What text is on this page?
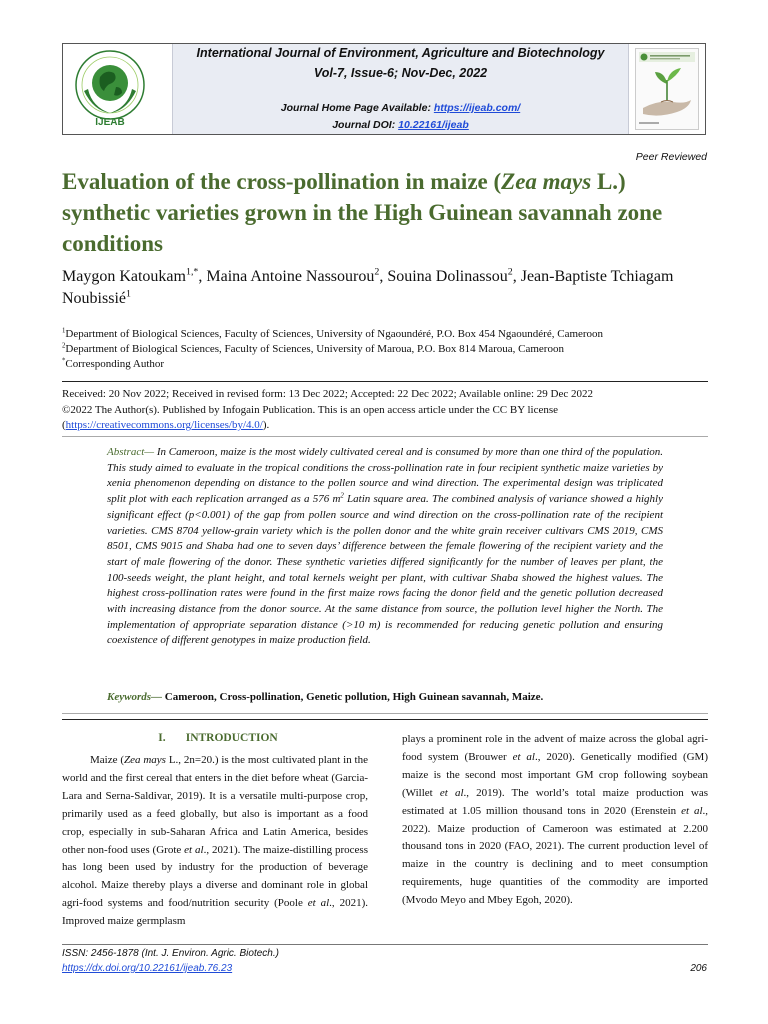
IJEAB
International Journal of Environment, Agriculture and Biotechnology
Vol-7, Issue-6; Nov-Dec, 2022
Journal Home Page Available: https://ijeab.com/
Journal DOI: 10.22161/ijeab
Peer Reviewed
Evaluation of the cross-pollination in maize (Zea mays L.) synthetic varieties grown in the High Guinean savannah zone conditions
Maygon Katoukam$^{1,*}$, Maina Antoine Nassourou$^2$, Souina Dolinassou$^2$, Jean-Baptiste Tchiagam Noubissié$^1$
$^1$Department of Biological Sciences, Faculty of Sciences, University of Ngaoundéré, P.O. Box 454 Ngaoundéré, Cameroon
$^2$Department of Biological Sciences, Faculty of Sciences, University of Maroua, P.O. Box 814 Maroua, Cameroon
*Corresponding Author
Received: 20 Nov 2022; Received in revised form: 13 Dec 2022; Accepted: 22 Dec 2022; Available online: 29 Dec 2022
©2022 The Author(s). Published by Infogain Publication. This is an open access article under the CC BY license
(https://creativecommons.org/licenses/by/4.0/).

Abstract— In Cameroon, maize is the most widely cultivated cereal and is consumed by more than one third of the population. This study aimed to evaluate in the tropical conditions the cross-pollination rate in four recipient synthetic maize varieties by xenia phenomenon depending on distance to the pollen source and wind direction. The experimental design was triplicated split plot with each replication arranged as a 576 $m^2$ Latin square area. The combined analysis of variance showed a highly significant effect (p<0.001) of the gap from pollen source and wind direction on the cross-pollination rate of the recipient varieties. CMS 8704 yellow-grain variety which is the pollen donor and the white grain receiver cultivars CMS 2019, CMS 8501, CMS 9015 and Shaba had one to seven days’ difference between the female flowering of the recipient variety and the start of male flowering of the donor. These synthetic varieties differed significantly for the number of leaves per plant, the 100-seeds weight, the plant height, and total kernels weight per plant, with cultivar Shaba showed the highest values. The highest cross-pollination rates were found in the first maize rows facing the donor field and the genetic pollution decreased with increasing distance from the donor source. At the same distance from source, the pollution level higher the North. The implementation of appropriate separation distance (>10 m) is recommended for reducing genetic pollution and ensuring coexistence of different genotypes in maize production field.

Keywords— Cameroon, Cross-pollination, Genetic pollution, High Guinean savannah, Maize.
I.       INTRODUCTION

Maize (Zea mays L., 2n=20.) is the most cultivated plant in the world and the first cereal that enters in the diet before wheat (Garcia-Lara and Serna-Saldivar, 2019). It is a versatile multi-purpose crop, primarily used as a feed globally, but also is important as a food crop, especially in sub-Saharan Africa and Latin America, besides other non-food uses (Grote et al., 2021). The maize-distilling process has long been used by industry for the production of beverage alcohol. Maize thereby plays a diverse and dominant role in global agri-food systems and food/nutrition security (Poole et al., 2021). Improved maize germplasm

plays a prominent role in the advent of maize across the global agri-food system (Brouwer et al., 2020). Genetically modified (GM) maize is the second most important GM crop following soybean (Willet et al., 2019). The world’s total maize production was estimated at 1.05 million thousand tons in 2020 (Erenstein et al., 2022). Maize production of Cameroon was estimated at 2.200 thousand tons in 2020 (FAO, 2021). The current production level of maize in the country is declining and to meet consumption requirements, huge quantities of the commodity are imported (Mvodo Meyo and Mbey Egoh, 2020).

ISSN: 2456-1878 (Int. J. Environ. Agric. Biotech.)
https://dx.doi.org/10.22161/ijeab.76.23	206
